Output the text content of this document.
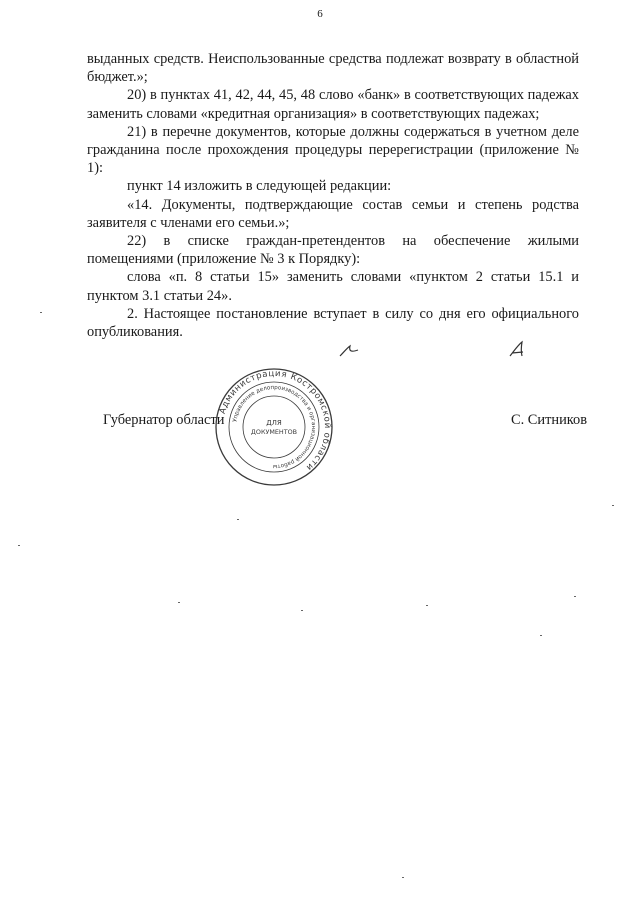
6

выданных средств. Неиспользованные средства подлежат возврату в областной бюджет.»;

20) в пунктах 41, 42, 44, 45, 48 слово «банк» в соответствующих падежах заменить словами «кредитная организация» в соответствующих падежах;

21) в перечне документов, которые должны содержаться в учетном деле гражданина после прохождения процедуры перерегистрации (приложение № 1):

пункт 14 изложить в следующей редакции:

«14. Документы, подтверждающие состав семьи и степень родства заявителя с членами его семьи.»;

22) в списке граждан-претендентов на обеспечение жилыми помещениями (приложение № 3 к Порядку):

слова «п. 8 статьи 15» заменить словами «пунктом 2 статьи 15.1 и пунктом 3.1 статьи 24».

2. Настоящее постановление вступает в силу со дня его официального опубликования.

Губернатор области	С. Ситников
Администрация Костромской области
Управление делопроизводства и организационной работы
ДЛЯ
ДОКУМЕНТОВ
